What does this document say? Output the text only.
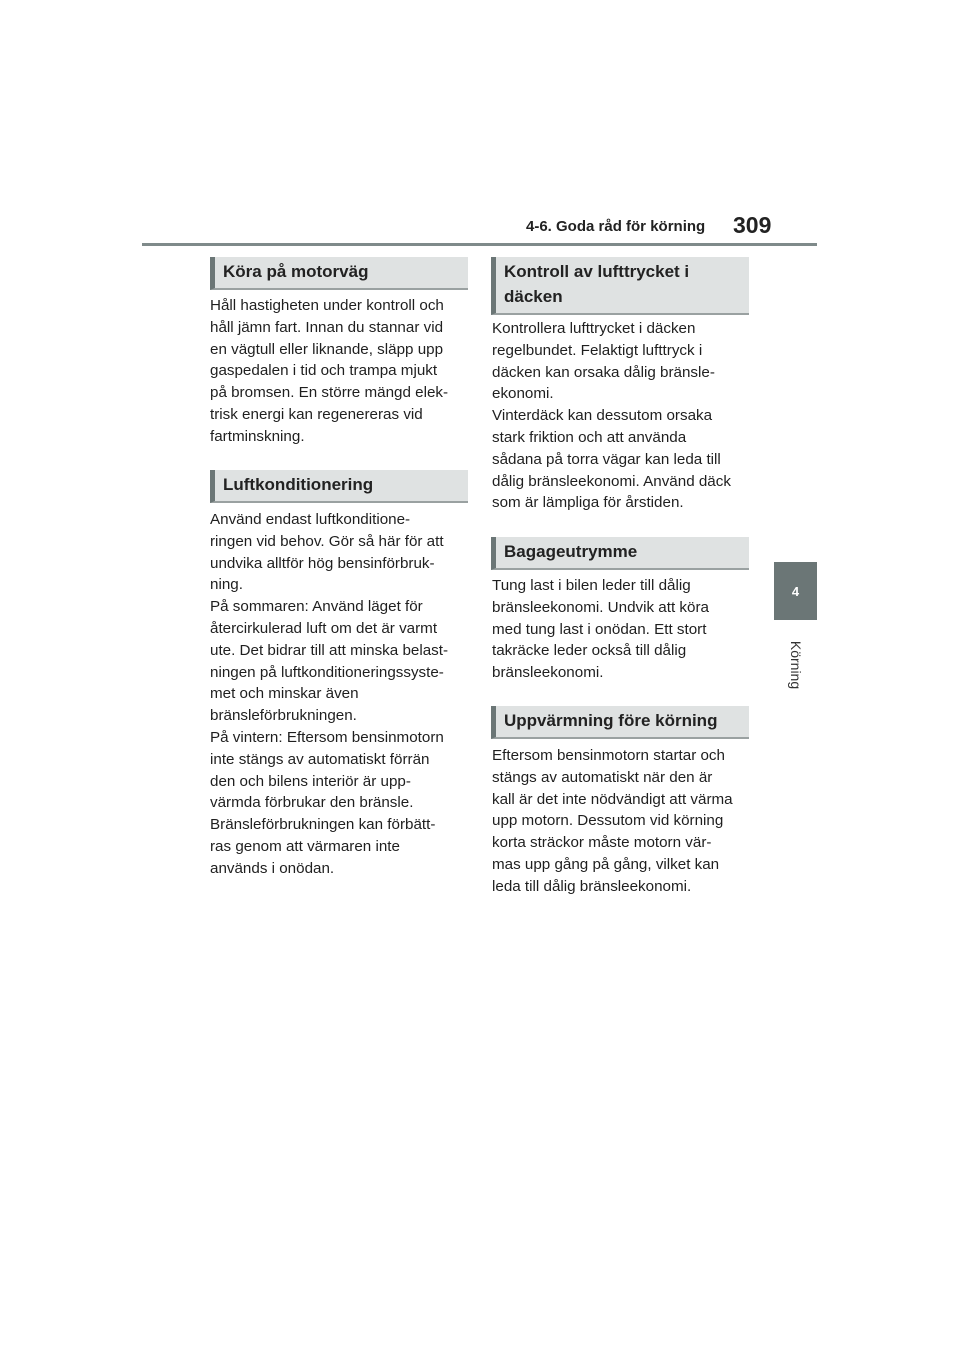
4-6. Goda råd för körning 309
4
Körning
Köra på motorväg

Håll hastigheten under kontroll och

håll jämn fart. Innan du stannar vid

en vägtull eller liknande, släpp upp

gaspedalen i tid och trampa mjukt

på bromsen. En större mängd elek-

trisk energi kan regenereras vid

fartminskning.

Luftkonditionering

Använd endast luftkonditione-

ringen vid behov. Gör så här för att

undvika alltför hög bensinförbruk-

ning.

På sommaren: Använd läget för

återcirkulerad luft om det är varmt

ute. Det bidrar till att minska belast-

ningen på luftkonditioneringssyste-

met och minskar även

bränsleförbrukningen.

På vintern: Eftersom bensinmotorn

inte stängs av automatiskt förrän

den och bilens interiör är upp-

värmda förbrukar den bränsle.

Bränsleförbrukningen kan förbätt-

ras genom att värmaren inte

används i onödan.

Kontroll av lufttrycket i
däcken

Kontrollera lufttrycket i däcken

regelbundet. Felaktigt lufttryck i

däcken kan orsaka dålig bränsle-

ekonomi.

Vinterdäck kan dessutom orsaka

stark friktion och att använda

sådana på torra vägar kan leda till

dålig bränsleekonomi. Använd däck

som är lämpliga för årstiden.

Bagageutrymme

Tung last i bilen leder till dålig

bränsleekonomi. Undvik att köra

med tung last i onödan. Ett stort

takräcke leder också till dålig

bränsleekonomi.

Uppvärmning före körning

Eftersom bensinmotorn startar och

stängs av automatiskt när den är

kall är det inte nödvändigt att värma

upp motorn. Dessutom vid körning

korta sträckor måste motorn vär-

mas upp gång på gång, vilket kan

leda till dålig bränsleekonomi.
